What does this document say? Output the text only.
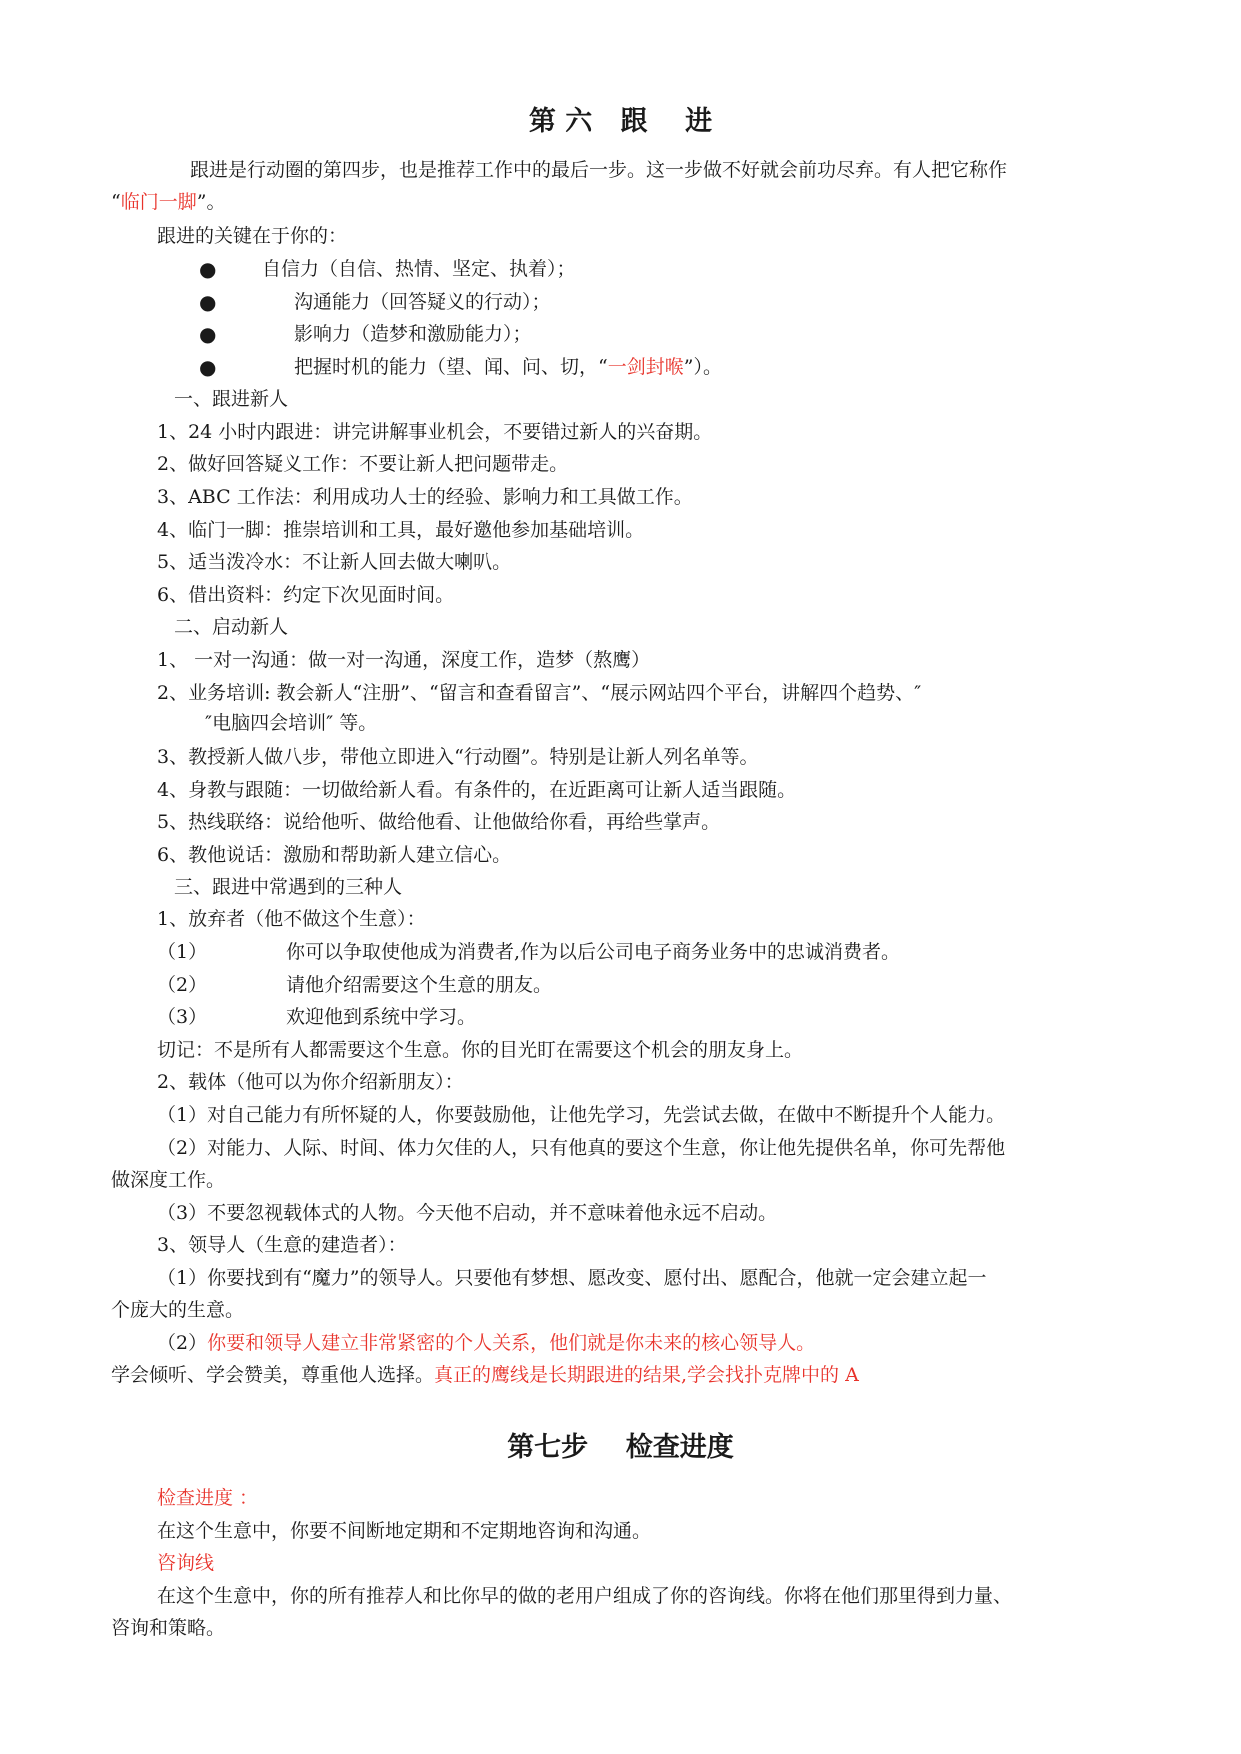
第 六   跟    进
跟进是行动圈的第四步，也是推荐工作中的最后一步。这一步做不好就会前功尽弃。有人把它称作
“临门一脚”。
跟进的关键在于你的：
● 自信力（自信、热情、坚定、执着）；
●	沟通能力（回答疑义的行动）；
●	影响力（造梦和激励能力）；
●	把握时机的能力（望、闻、问、切，“一剑封喉”）。
一、跟进新人
1、24 小时内跟进：讲完讲解事业机会，不要错过新人的兴奋期。
2、做好回答疑义工作：不要让新人把问题带走。
3、ABC 工作法：利用成功人士的经验、影响力和工具做工作。
4、临门一脚：推崇培训和工具，最好邀他参加基础培训。
5、适当泼冷水：不让新人回去做大喇叭。
6、借出资料：约定下次见面时间。
二、启动新人
1、 一对一沟通：做一对一沟通，深度工作，造梦（熬鹰）
2、业务培训: 教会新人“注册”、“留言和查看留言”、“展示网站四个平台，讲解四个趋势、″
″电脑四会培训″ 等。
3、教授新人做八步，带他立即进入“行动圈”。特别是让新人列名单等。
4、身教与跟随：一切做给新人看。有条件的，在近距离可让新人适当跟随。
5、热线联络：说给他听、做给他看、让他做给你看，再给些掌声。
6、教他说话：激励和帮助新人建立信心。
三、跟进中常遇到的三种人
1、放弃者（他不做这个生意）：
（1）	你可以争取使他成为消费者,作为以后公司电子商务业务中的忠诚消费者。
（2）	请他介绍需要这个生意的朋友。
（3）	欢迎他到系统中学习。
切记：不是所有人都需要这个生意。你的目光盯在需要这个机会的朋友身上。
2、载体（他可以为你介绍新朋友）：
（1）对自己能力有所怀疑的人，你要鼓励他，让他先学习，先尝试去做，在做中不断提升个人能力。
（2）对能力、人际、时间、体力欠佳的人，只有他真的要这个生意，你让他先提供名单，你可先帮他
做深度工作。
（3）不要忽视载体式的人物。今天他不启动，并不意味着他永远不启动。
3、领导人（生意的建造者）：
（1）你要找到有“魔力”的领导人。只要他有梦想、愿改变、愿付出、愿配合，他就一定会建立起一
个庞大的生意。
（2）你要和领导人建立非常紧密的个人关系，他们就是你未来的核心领导人。
学会倾听、学会赞美，尊重他人选择。真正的鹰线是长期跟进的结果,学会找扑克牌中的 A
第七步    检查进度
检查进度 ：
在这个生意中，你要不间断地定期和不定期地咨询和沟通。
咨询线
在这个生意中，你的所有推荐人和比你早的做的老用户组成了你的咨询线。你将在他们那里得到力量、
咨询和策略。
